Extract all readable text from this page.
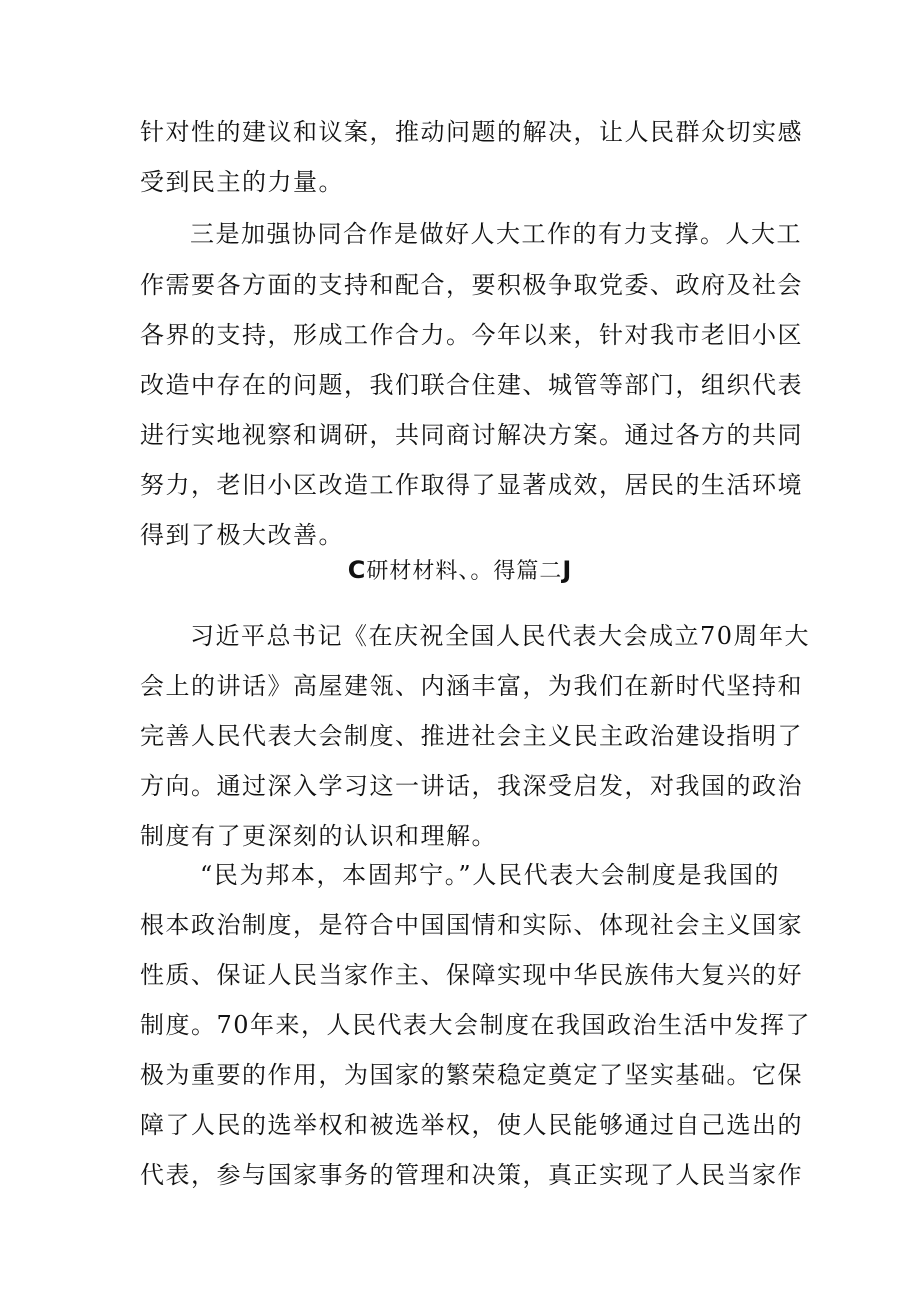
针对性的建议和议案，推动问题的解决，让人民群众切实感
受到民主的力量。
三是加强协同合作是做好人大工作的有力支撑。人大工
作需要各方面的支持和配合，要积极争取党委、政府及社会
各界的支持，形成工作合力。今年以来，针对我市老旧小区
改造中存在的问题，我们联合住建、城管等部门，组织代表
进行实地视察和调研，共同商讨解决方案。通过各方的共同
努力，老旧小区改造工作取得了显著成效，居民的生活环境
得到了极大改善。
C研材材料、。得篇二J
习近平总书记《在庆祝全国人民代表大会成立70周年大
会上的讲话》高屋建瓴、内涵丰富，为我们在新时代坚持和
完善人民代表大会制度、推进社会主义民主政治建设指明了
方向。通过深入学习这一讲话，我深受启发，对我国的政治
制度有了更深刻的认识和理解。
“民为邦本，本固邦宁。”人民代表大会制度是我国的
根本政治制度，是符合中国国情和实际、体现社会主义国家
性质、保证人民当家作主、保障实现中华民族伟大复兴的好
制度。70年来，人民代表大会制度在我国政治生活中发挥了
极为重要的作用，为国家的繁荣稳定奠定了坚实基础。它保
障了人民的选举权和被选举权，使人民能够通过自己选出的
代表，参与国家事务的管理和决策，真正实现了人民当家作
